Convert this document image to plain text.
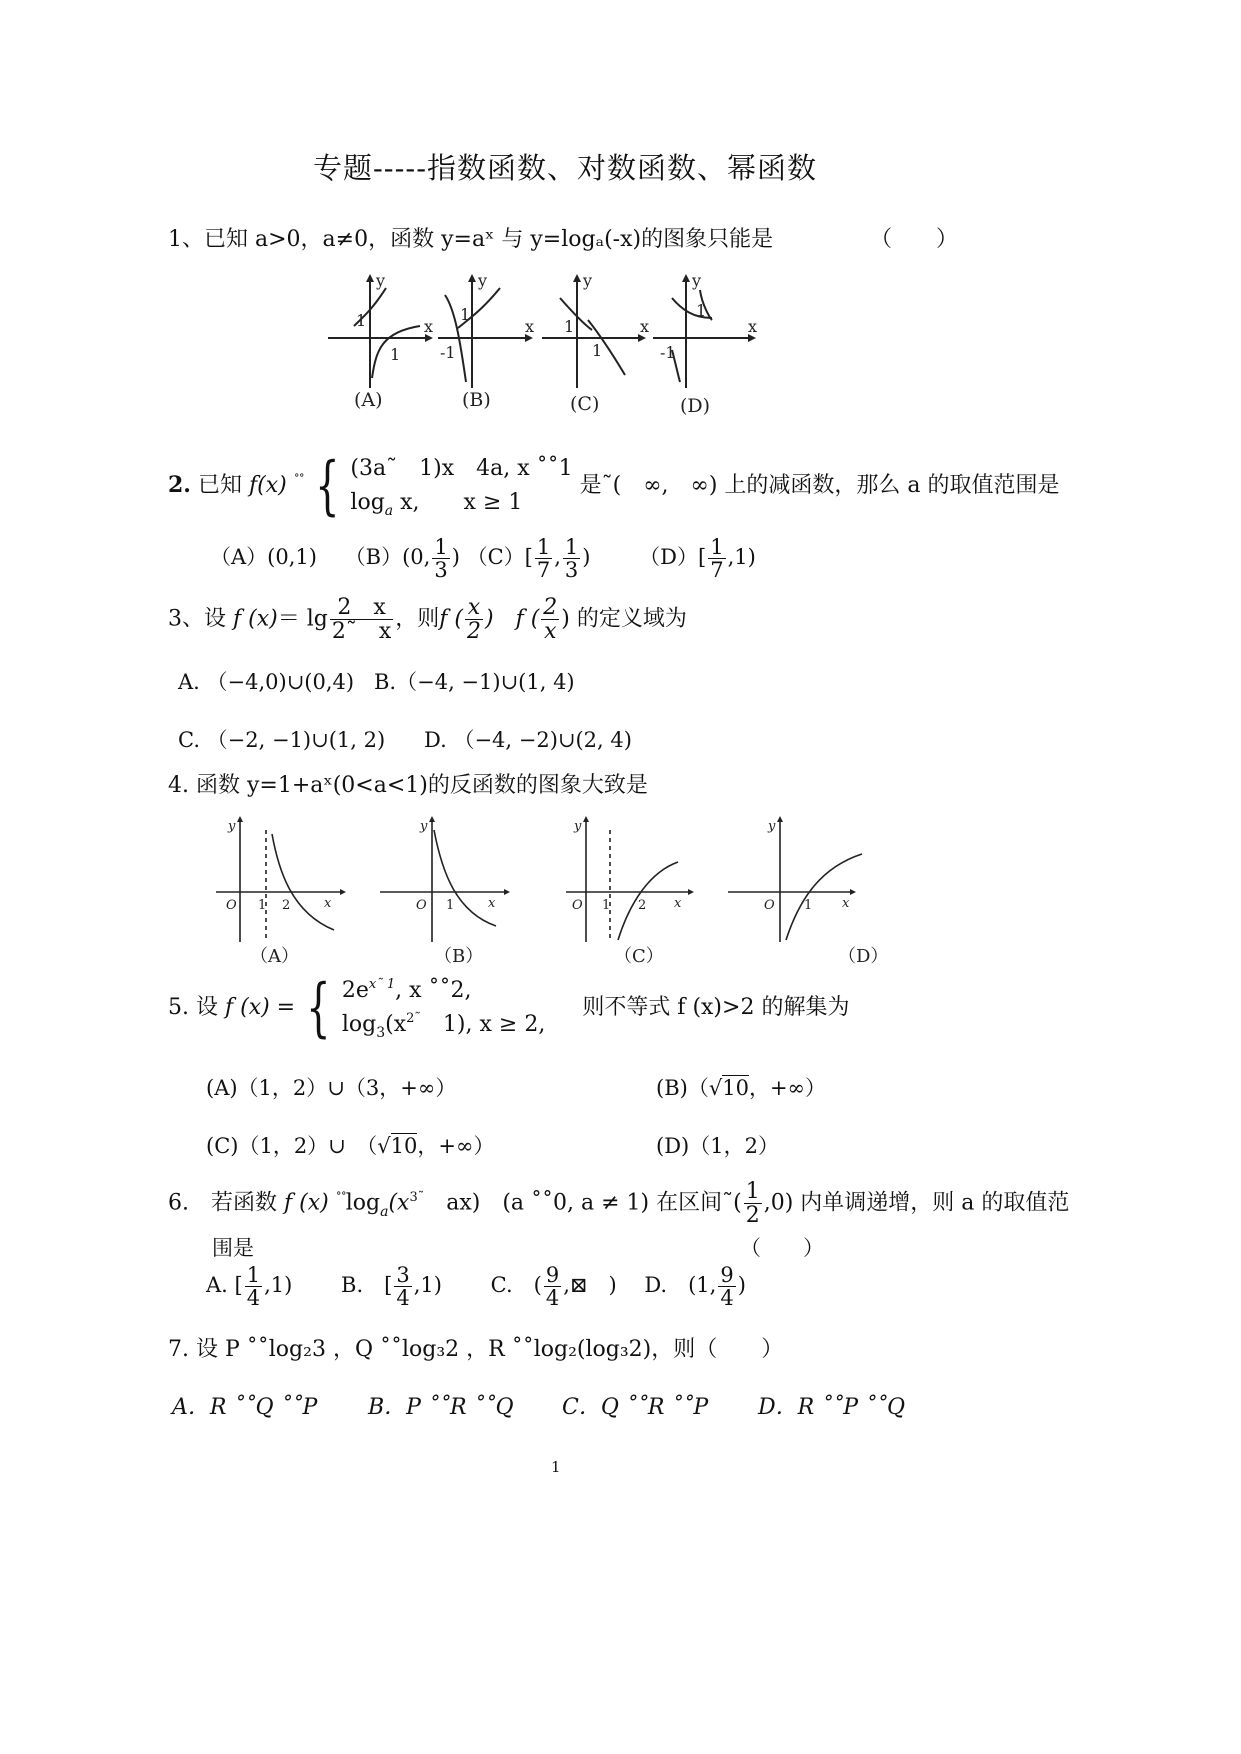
专题-----指数函数、对数函数、幂函数
1、已知 a>0，a≠0，函数 y=aˣ 与 y=logₐ(-x)的图象只能是	（　　）
y
x
1
1
y
x
1
-1
y
x
1
1
y
x
1
-1
(A)	(B)	(C)	(D)
2. 已知 f(x) ˚˚ { (3a˜　1)x　4a, x ˚˚1
$\log_a x$,　　x ≥ 1
是˜(　∞,　∞) 上的减函数，那么 a 的取值范围是
（A）(0,1)　 （B）(0, $\frac{1}{3}$ ) $(C)[ \frac{1}{7}$ , $\frac{1}{3}$ )　　 $(D)[ \frac{1}{7} ,1)$
3、设 f $(x)= \lg \frac{2 x}{2˜ x}$ ，则f ( $\frac{x}{2}$ )　f ( $\frac{2}{x}$ ) 的定义域为
A. （−4,0)∪(0,4) B.（−4, −1)∪(1, 4)
C. （−2, −1)∪(1, 2) D. （−4, −2)∪(2, 4)
4. 函数 y=1+aˣ(0<a<1)的反函数的图象大致是
y
x
O
y
x
O
y
x
O
y
x
O
1 2	1	1 2	1
（A）	（B）	（C）	（D）
5. 设 f (x) = { $2e^{x˜ 1}$, x ˚˚2,
$\log_3(x^{2˜}$　1), x ≥ 2,
则不等式 f (x)>2 的解集为
(A)（1，2）∪（3，+∞）	(B)（√10，+∞）
(C)（1，2）∪　（√10，+∞）	(D)（1，2）
6.　若函数 f (x) $^{˚˚}\log_a(x^{3˜}$　ax)　(a ˚˚0, a ≠ 1) 在区间˜( $\frac{1}{2} ,0$) 内单调递增，则 a 的取值范
围是	（　　）
A. [ $\frac{1}{4} ,1$)　　 B.　[ $\frac{3}{4} ,1$)　　 C.　( $\frac{9}{4}$ ,⊠　)　 D.　(1, $\frac{9}{4}$ )
7. 设 P ˚˚log₂3 ，Q ˚˚log₃2 ，R ˚˚log₂(log₃2)，则（　　）
A．R ˚˚Q ˚˚P B．P ˚˚R ˚˚Q C．Q ˚˚R ˚˚P D．R ˚˚P ˚˚Q
1
